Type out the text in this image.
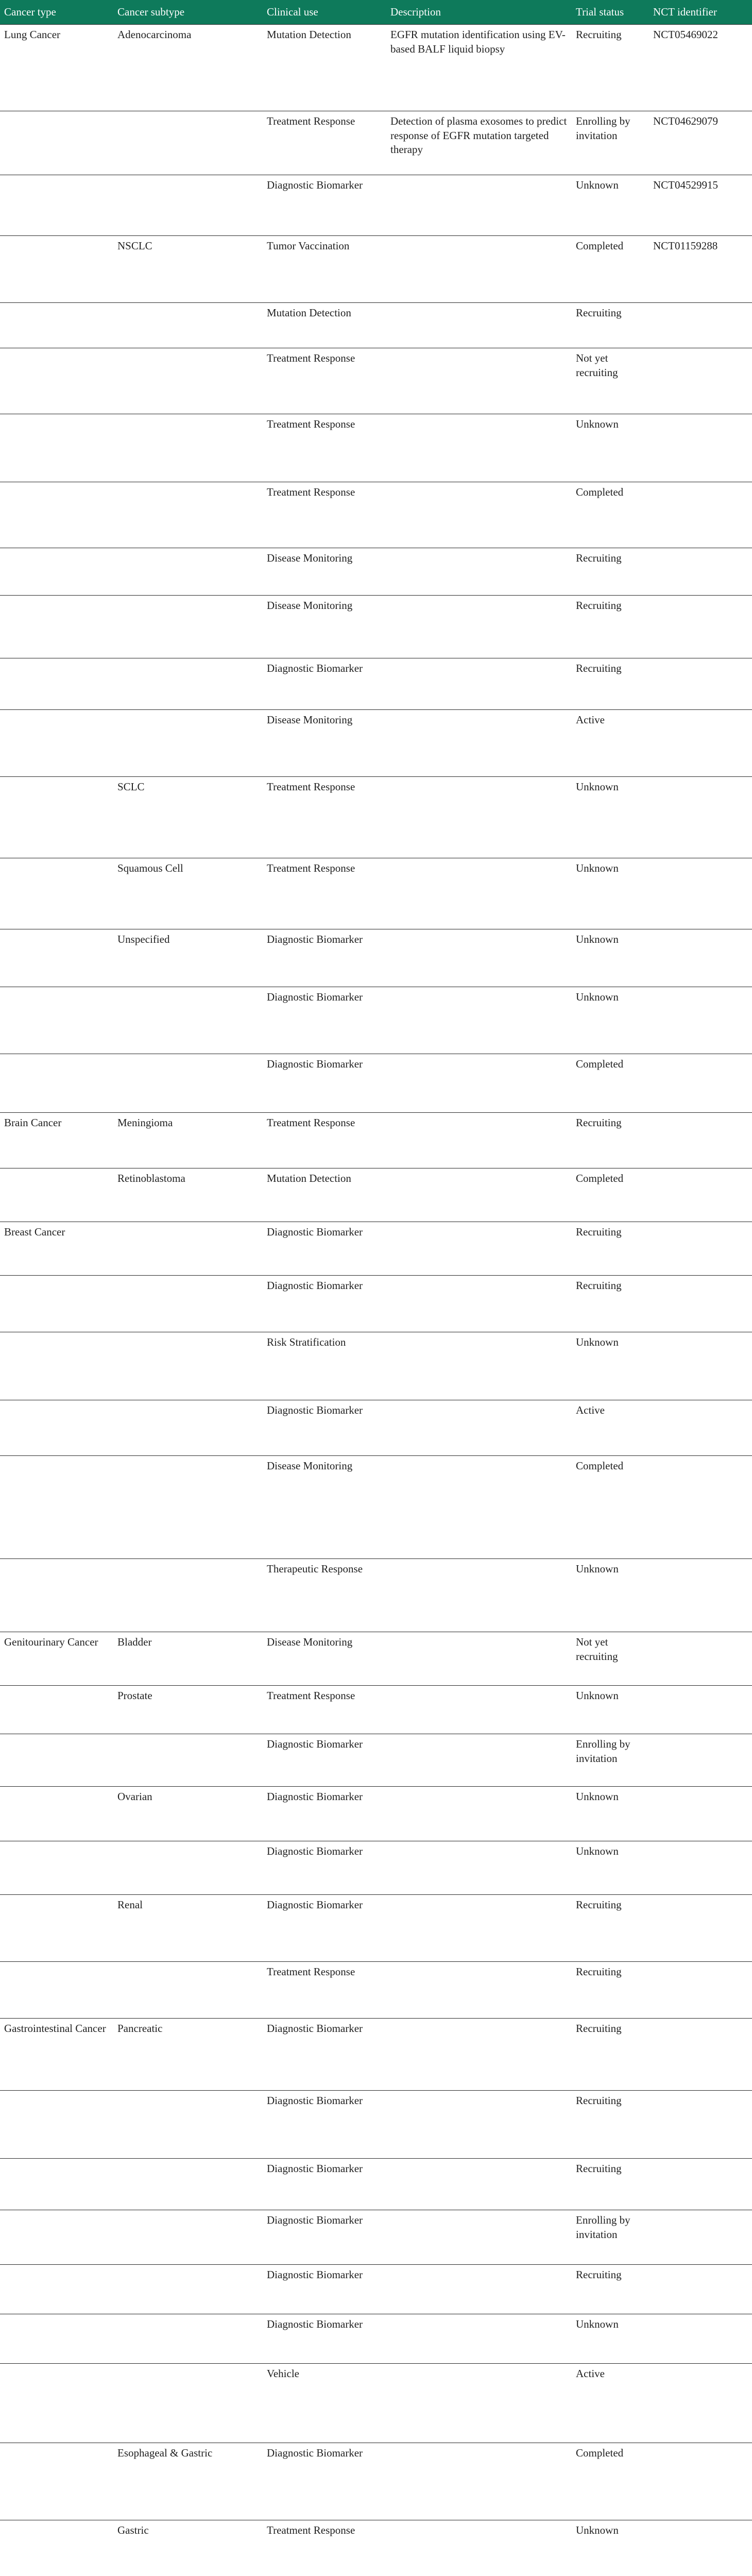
Cancer type	Cancer subtype	Clinical use	Description	Trial status	NCT identifier
Lung Cancer	Adenocarcinoma	Mutation Detection	EGFR mutation identification using EV-based BALF liquid biopsy	Recruiting	NCT05469022
		Treatment Response	Detection of plasma exosomes to predict response of EGFR mutation targeted therapy	Enrolling by invitation	NCT04629079
		Diagnostic Biomarker		Unknown	NCT04529915
	NSCLC	Tumor Vaccination		Completed	NCT01159288
		Mutation Detection		Recruiting	
		Treatment Response		Not yet recruiting	
		Treatment Response		Unknown	
		Treatment Response		Completed	
		Disease Monitoring		Recruiting	
		Disease Monitoring		Recruiting	
		Diagnostic Biomarker		Recruiting	
		Disease Monitoring		Active	
	SCLC	Treatment Response		Unknown	
	Squamous Cell	Treatment Response		Unknown	
	Unspecified	Diagnostic Biomarker		Unknown	
		Diagnostic Biomarker		Unknown	
		Diagnostic Biomarker		Completed	
Brain Cancer	Meningioma	Treatment Response		Recruiting	
	Retinoblastoma	Mutation Detection		Completed	
Breast Cancer		Diagnostic Biomarker		Recruiting	
		Diagnostic Biomarker		Recruiting	
		Risk Stratification		Unknown	
		Diagnostic Biomarker		Active	
		Disease Monitoring		Completed	
		Therapeutic Response		Unknown	
Genitourinary Cancer	Bladder	Disease Monitoring		Not yet recruiting	
	Prostate	Treatment Response		Unknown	
		Diagnostic Biomarker		Enrolling by invitation	
	Ovarian	Diagnostic Biomarker		Unknown	
		Diagnostic Biomarker		Unknown	
	Renal	Diagnostic Biomarker		Recruiting	
		Treatment Response		Recruiting	
Gastrointestinal Cancer	Pancreatic	Diagnostic Biomarker		Recruiting	
		Diagnostic Biomarker		Recruiting	
		Diagnostic Biomarker		Recruiting	
		Diagnostic Biomarker		Enrolling by invitation	
		Diagnostic Biomarker		Recruiting	
		Diagnostic Biomarker		Unknown	
		Vehicle		Active	
	Esophageal & Gastric	Diagnostic Biomarker		Completed	
	Gastric	Treatment Response		Unknown	
